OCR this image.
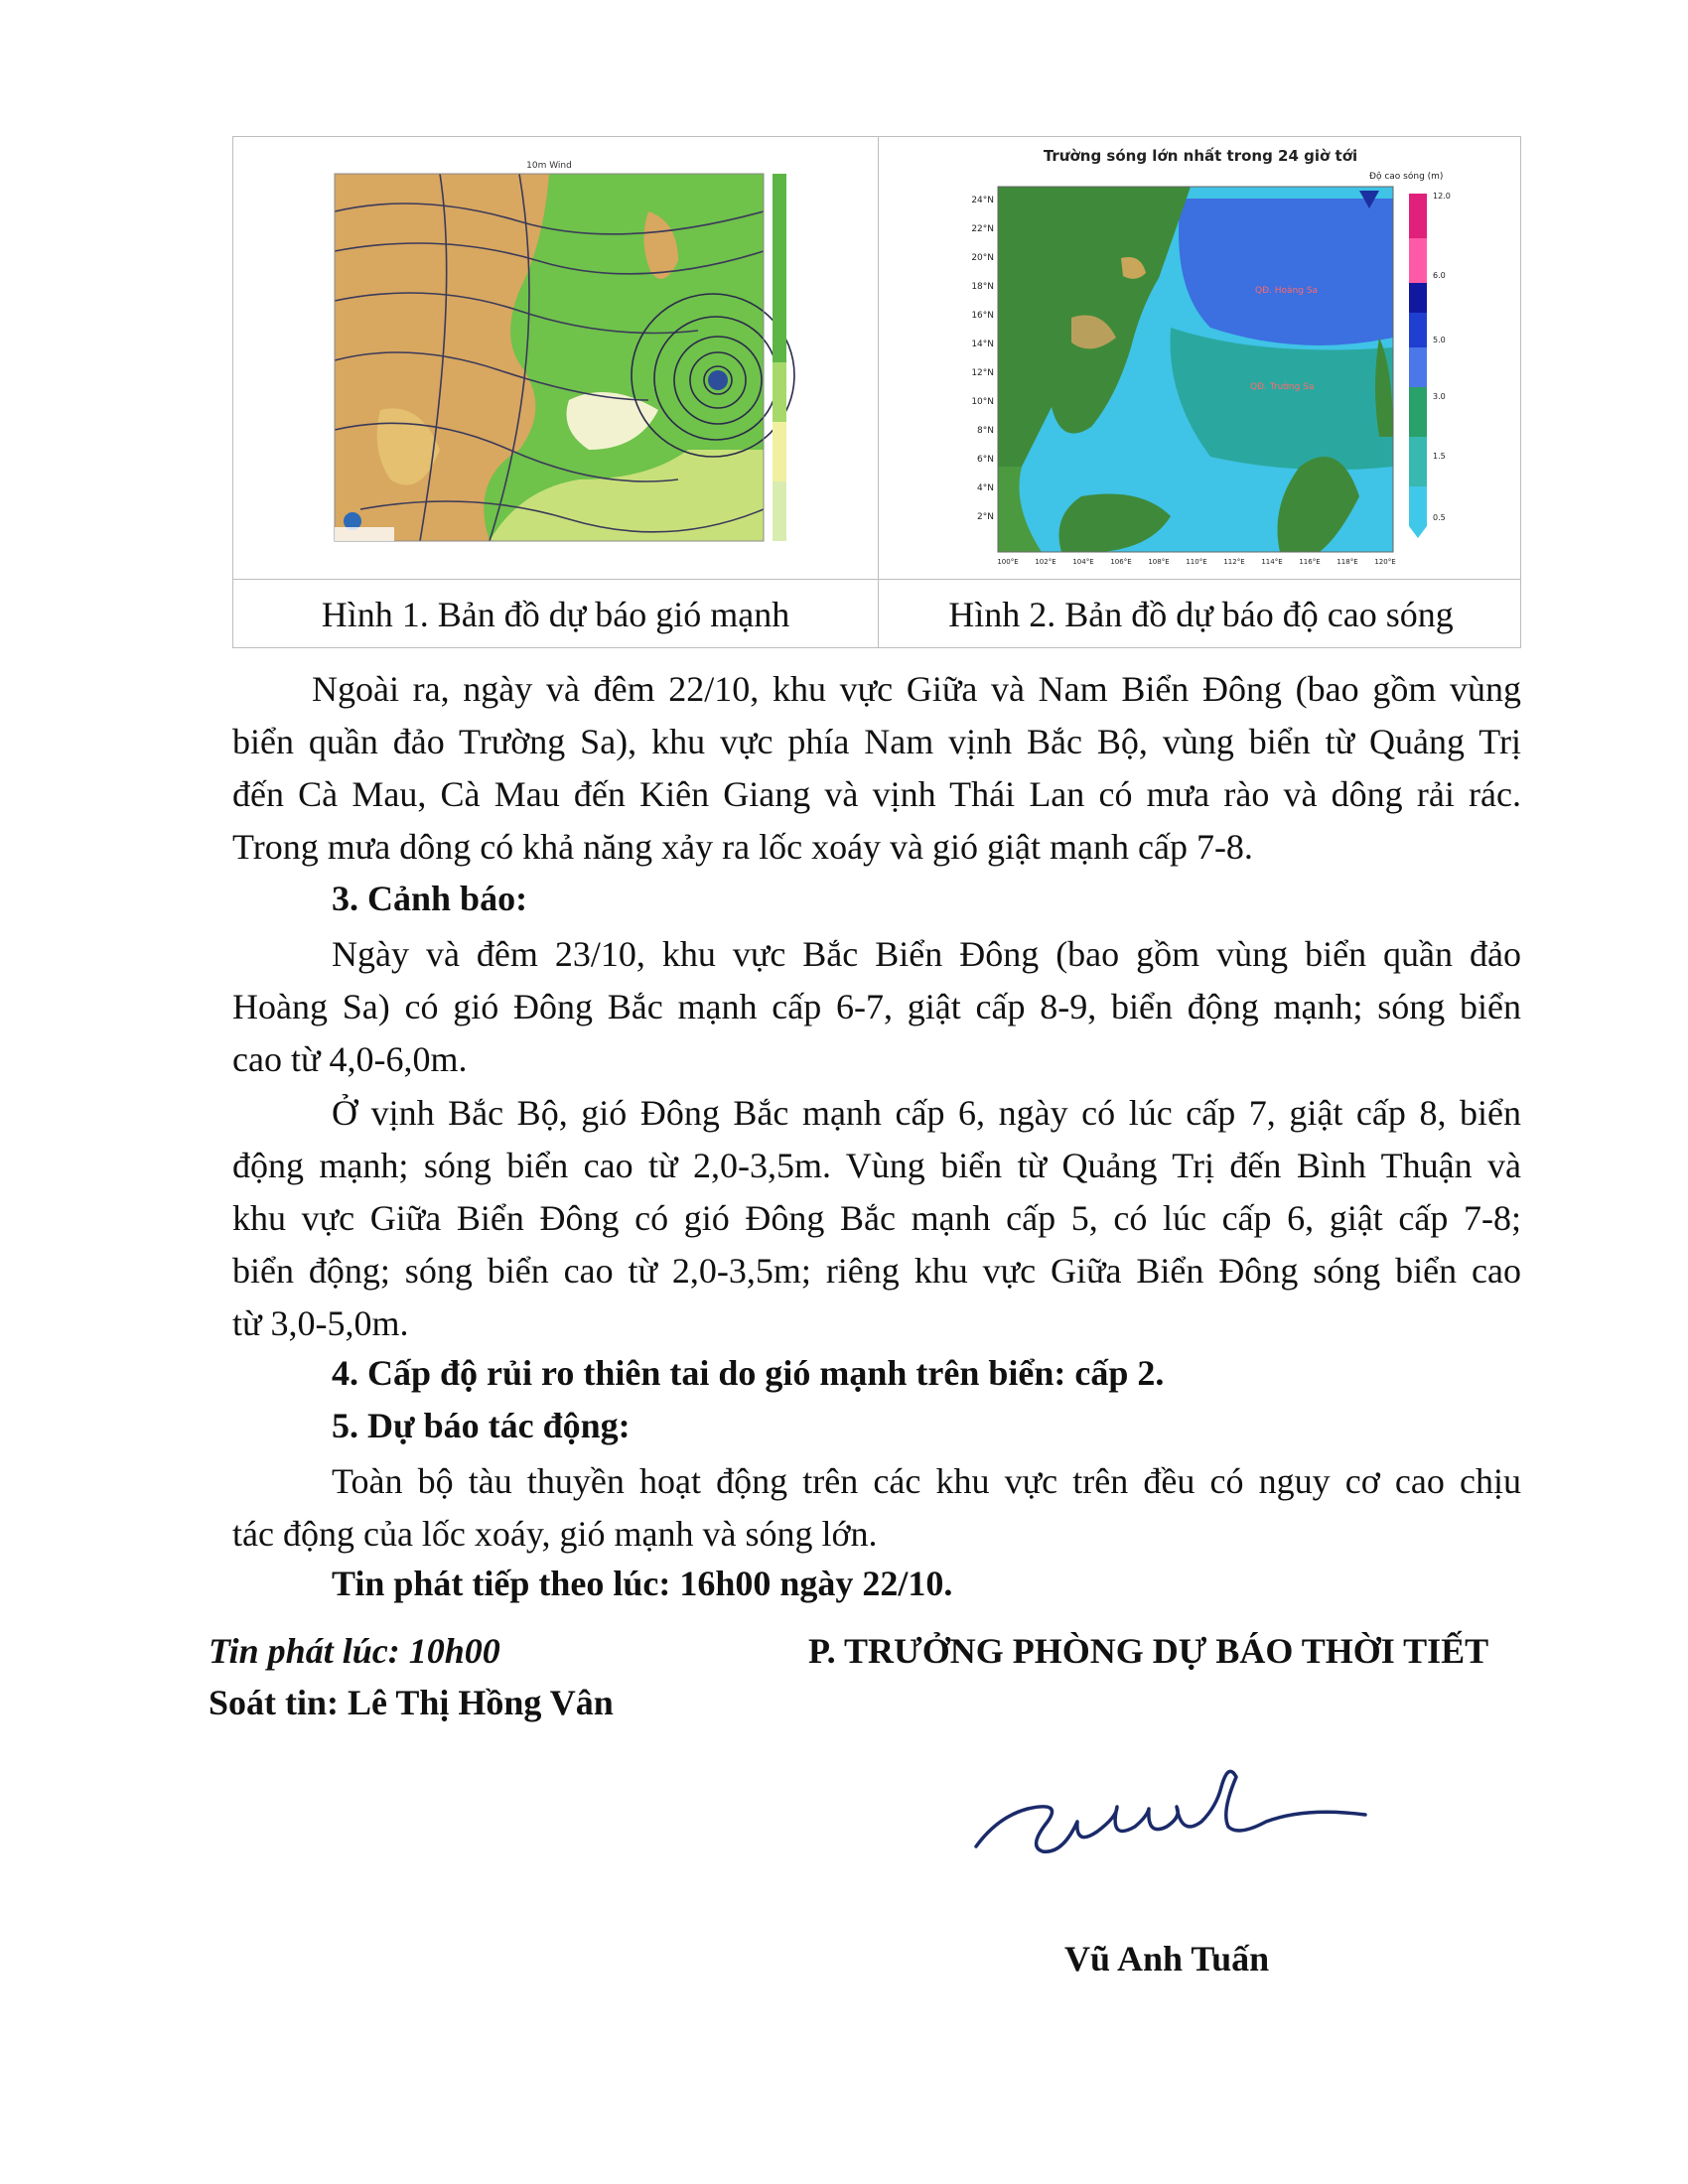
10m Wind
Trường sóng lớn nhất trong 24 giờ tới
Độ cao sóng (m)
QĐ. Hoàng Sa
QĐ. Trường Sa
24°N
22°N
20°N
18°N
16°N
14°N
12°N
10°N
8°N
6°N
4°N
2°N
100°E 102°E 104°E 106°E 108°E 110°E 112°E 114°E 116°E 118°E 120°E
12.0
6.0
5.0
3.0
1.5
0.5
Hình 1. Bản đồ dự báo gió mạnh	Hình 2. Bản đồ dự báo độ cao sóng
Ngoài ra, ngày và đêm 22/10, khu vực Giữa và Nam Biển Đông (bao gồm vùng
biển quần đảo Trường Sa), khu vực phía Nam vịnh Bắc Bộ, vùng biển từ Quảng Trị
đến Cà Mau, Cà Mau đến Kiên Giang và vịnh Thái Lan có mưa rào và dông rải rác.
Trong mưa dông có khả năng xảy ra lốc xoáy và gió giật mạnh cấp 7-8.
3. Cảnh báo:
Ngày và đêm 23/10, khu vực Bắc Biển Đông (bao gồm vùng biển quần đảo
Hoàng Sa) có gió Đông Bắc mạnh cấp 6-7, giật cấp 8-9, biển động mạnh; sóng biển
cao từ 4,0-6,0m.
Ở vịnh Bắc Bộ, gió Đông Bắc mạnh cấp 6, ngày có lúc cấp 7, giật cấp 8, biển
động mạnh; sóng biển cao từ 2,0-3,5m. Vùng biển từ Quảng Trị đến Bình Thuận và
khu vực Giữa Biển Đông có gió Đông Bắc mạnh cấp 5, có lúc cấp 6, giật cấp 7-8;
biển động; sóng biển cao từ 2,0-3,5m; riêng khu vực Giữa Biển Đông sóng biển cao
từ 3,0-5,0m.
4. Cấp độ rủi ro thiên tai do gió mạnh trên biển: cấp 2.
5. Dự báo tác động:
Toàn bộ tàu thuyền hoạt động trên các khu vực trên đều có nguy cơ cao chịu
tác động của lốc xoáy, gió mạnh và sóng lớn.
Tin phát tiếp theo lúc: 16h00 ngày 22/10.
Tin phát lúc: 10h00
Soát tin: Lê Thị Hồng Vân
P. TRƯỞNG PHÒNG DỰ BÁO THỜI TIẾT
Vũ Anh Tuấn
